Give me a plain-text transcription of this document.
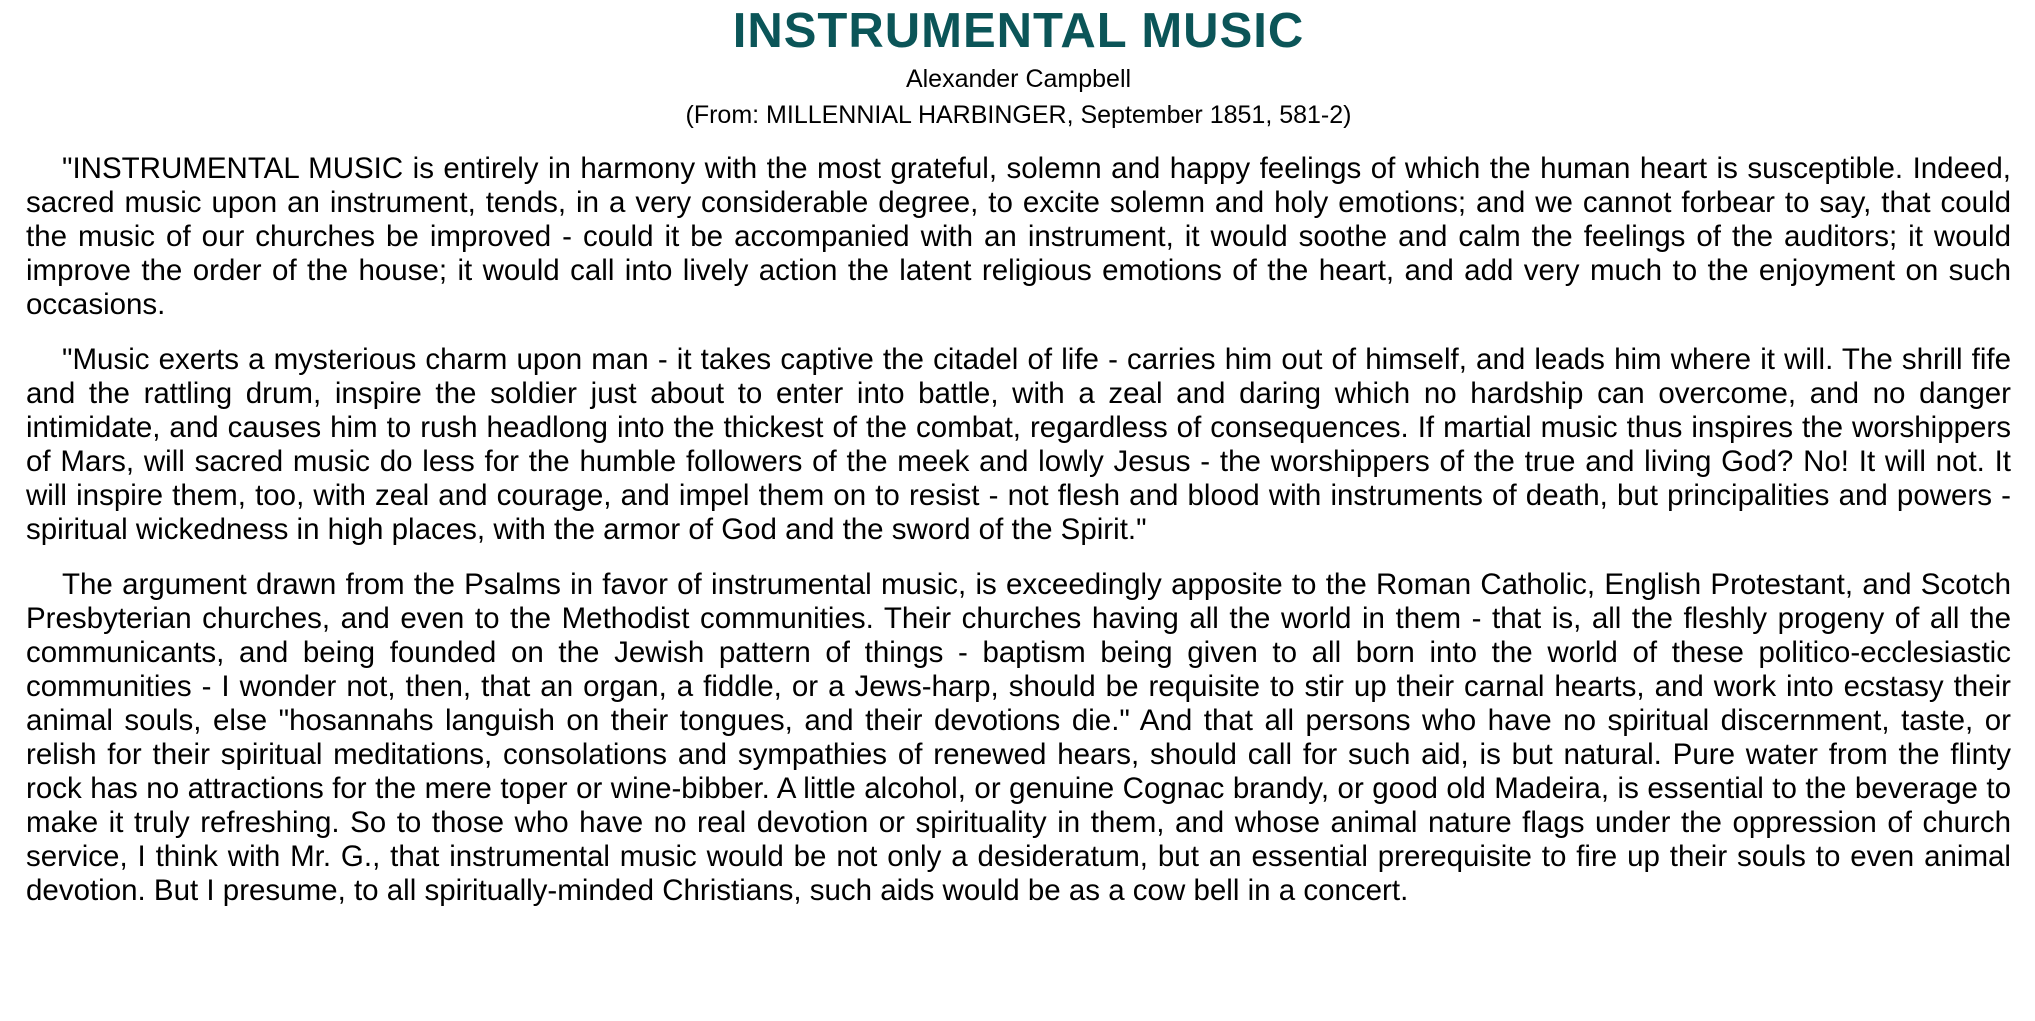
INSTRUMENTAL MUSIC
Alexander Campbell
(From: MILLENNIAL HARBINGER, September 1851, 581-2)

"INSTRUMENTAL MUSIC is entirely in harmony with the most grateful, solemn and happy feelings of which the human heart is susceptible. Indeed, sacred music upon an instrument, tends, in a very considerable degree, to excite solemn and holy emotions; and we cannot forbear to say, that could the music of our churches be improved - could it be accompanied with an instrument, it would soothe and calm the feelings of the auditors; it would improve the order of the house; it would call into lively action the latent religious emotions of the heart, and add very much to the enjoyment on such occasions.

"Music exerts a mysterious charm upon man - it takes captive the citadel of life - carries him out of himself, and leads him where it will. The shrill fife and the rattling drum, inspire the soldier just about to enter into battle, with a zeal and daring which no hardship can overcome, and no danger intimidate, and causes him to rush headlong into the thickest of the combat, regardless of consequences. If martial music thus inspires the worshippers of Mars, will sacred music do less for the humble followers of the meek and lowly Jesus - the worshippers of the true and living God? No! It will not. It will inspire them, too, with zeal and courage, and impel them on to resist - not flesh and blood with instruments of death, but principalities and powers - spiritual wickedness in high places, with the armor of God and the sword of the Spirit."

The argument drawn from the Psalms in favor of instrumental music, is exceedingly apposite to the Roman Catholic, English Protestant, and Scotch Presbyterian churches, and even to the Methodist communities. Their churches having all the world in them - that is, all the fleshly progeny of all the communicants, and being founded on the Jewish pattern of things - baptism being given to all born into the world of these politico-ecclesiastic communities - I wonder not, then, that an organ, a fiddle, or a Jews-harp, should be requisite to stir up their carnal hearts, and work into ecstasy their animal souls, else "hosannahs languish on their tongues, and their devotions die." And that all persons who have no spiritual discernment, taste, or relish for their spiritual meditations, consolations and sympathies of renewed hears, should call for such aid, is but natural. Pure water from the flinty rock has no attractions for the mere toper or wine-bibber. A little alcohol, or genuine Cognac brandy, or good old Madeira, is essential to the beverage to make it truly refreshing. So to those who have no real devotion or spirituality in them, and whose animal nature flags under the oppression of church service, I think with Mr. G., that instrumental music would be not only a desideratum, but an essential prerequisite to fire up their souls to even animal devotion. But I presume, to all spiritually-minded Christians, such aids would be as a cow bell in a concert.
